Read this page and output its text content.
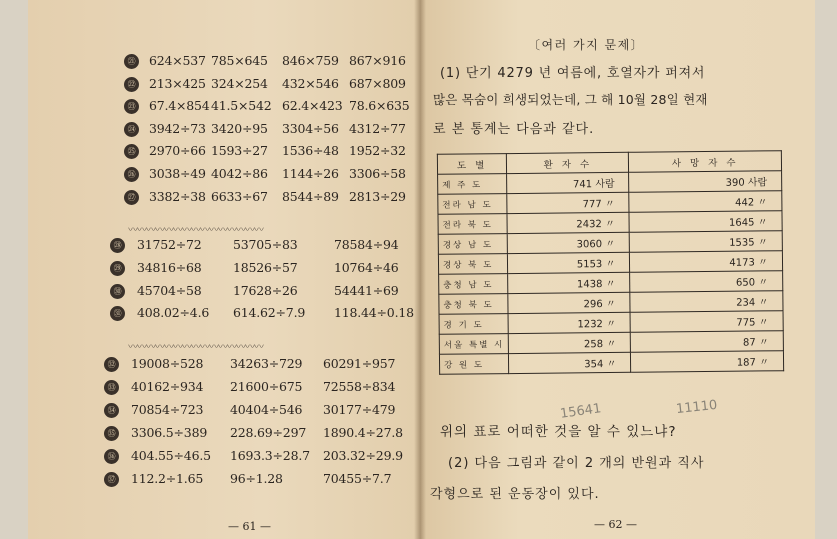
㉑ 624×537 785×645 846×759 867×916
㉒ 213×425 324×254 432×546 687×809
㉓ 67.4×854 41.5×542 62.4×423 78.6×635
㉔ 3942÷73 3420÷95 3304÷56 4312÷77
㉕ 2970÷66 1593÷27 1536÷48 1952÷32
㉖ 3038÷49 4042÷86 1144÷26 3306÷58
㉗ 3382÷38 6633÷67 8544÷89 2813÷29
㉘ 31752÷72	53705÷83	78584÷94
㉙ 34816÷68	18526÷57	10764÷46
㉚ 45704÷58	17628÷26	54441÷69
㉛ 408.02÷4.6 614.62÷7.9 118.44÷0.18
㉜ 19008÷528 34263÷729 60291÷957
㉝ 40162÷934 21600÷675 72558÷834
㉞ 70854÷723 40404÷546 30177÷479
㉟ 3306.5÷389 228.69÷297 1890.4÷27.8
㊱ 404.55÷46.5 1693.3÷28.7 203.32÷29.9
㊲ 112.2÷1.65 96÷1.28	70455÷7.7
— 61 —
〔여러 가지 문제〕
(1) 단기 4279 년 여름에, 호열자가 퍼져서
많은 목숨이 희생되었는데, 그 해 10월 28일 현재
로 본 통계는 다음과 같다.
도 별	환 자 수	사 망 자 수
제 주 도	741 사람	390 사람
전라 남 도	777 〃	442 〃
전라 북 도	2432 〃	1645 〃
경상 남 도	3060 〃	1535 〃
경상 북 도	5153 〃	4173 〃
충청 남 도	1438 〃	650 〃
충청 북 도	296 〃	234 〃
경 기 도	1232 〃	775 〃
서울 특별 시	258 〃	87 〃
강 원 도	354 〃	187 〃
15641	11110
위의 표로 어떠한 것을 알 수 있느냐?
(2) 다음 그림과 같이 2 개의 반원과 직사
각형으로 된 운동장이 있다.
— 62 —
